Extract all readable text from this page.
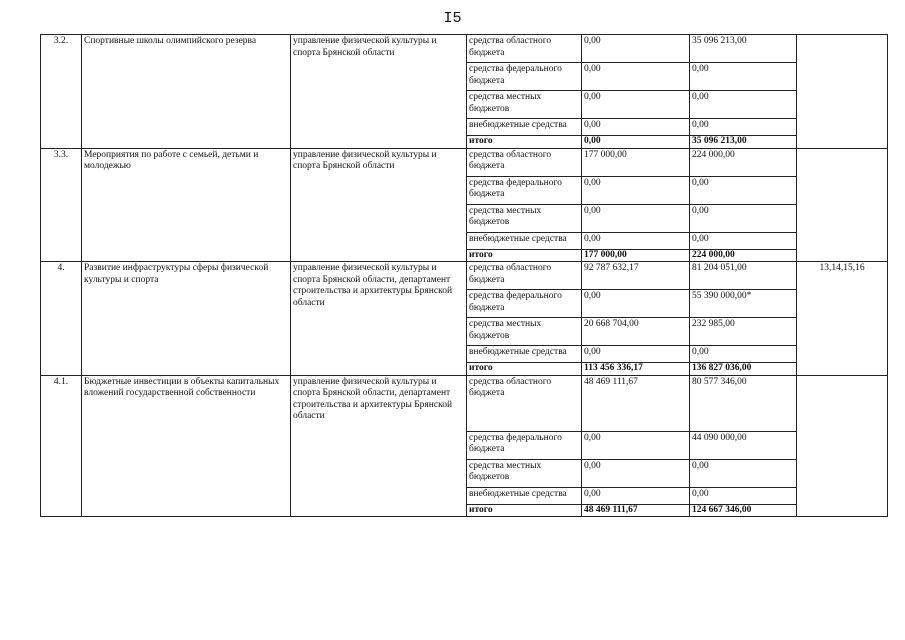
I5
3.2.	Спортивные школы олимпийского резерва	управление физической культуры и спорта Брянской области	средства областного бюджета	0,00	35 096 213,00	
			средства федерального бюджета	0,00	0,00	
			средства местных бюджетов	0,00	0,00	
			внебюджетные средства	0,00	0,00	
			итого	0,00	35 096 213,00	
3.3.	Мероприятия по работе с семьей, детьми и молодежью	управление физической культуры и спорта Брянской области	средства областного бюджета	177 000,00	224 000,00	
			средства федерального бюджета	0,00	0,00	
			средства местных бюджетов	0,00	0,00	
			внебюджетные средства	0,00	0,00	
			итого	177 000,00	224 000,00	
4.	Развитие инфраструктуры сферы физической культуры и спорта	управление физической культуры и спорта Брянской области, департамент строительства и архитектуры Брянской области	средства областного бюджета	92 787 632,17	81 204 051,00	13,14,15,16
			средства федерального бюджета	0,00	55 390 000,00*	
			средства местных бюджетов	20 668 704,00	232 985,00	
			внебюджетные средства	0,00	0,00	
			итого	113 456 336,17	136 827 036,00	
4.1.	Бюджетные инвестиции в объекты капитальных вложений государственной собственности	управление физической культуры и спорта Брянской области, департамент строительства и архитектуры Брянской области	средства областного бюджета	48 469 111,67	80 577 346,00	
			средства федерального бюджета	0,00	44 090 000,00	
			средства местных бюджетов	0,00	0,00	
			внебюджетные средства	0,00	0,00	
			итого	48 469 111,67	124 667 346,00	
